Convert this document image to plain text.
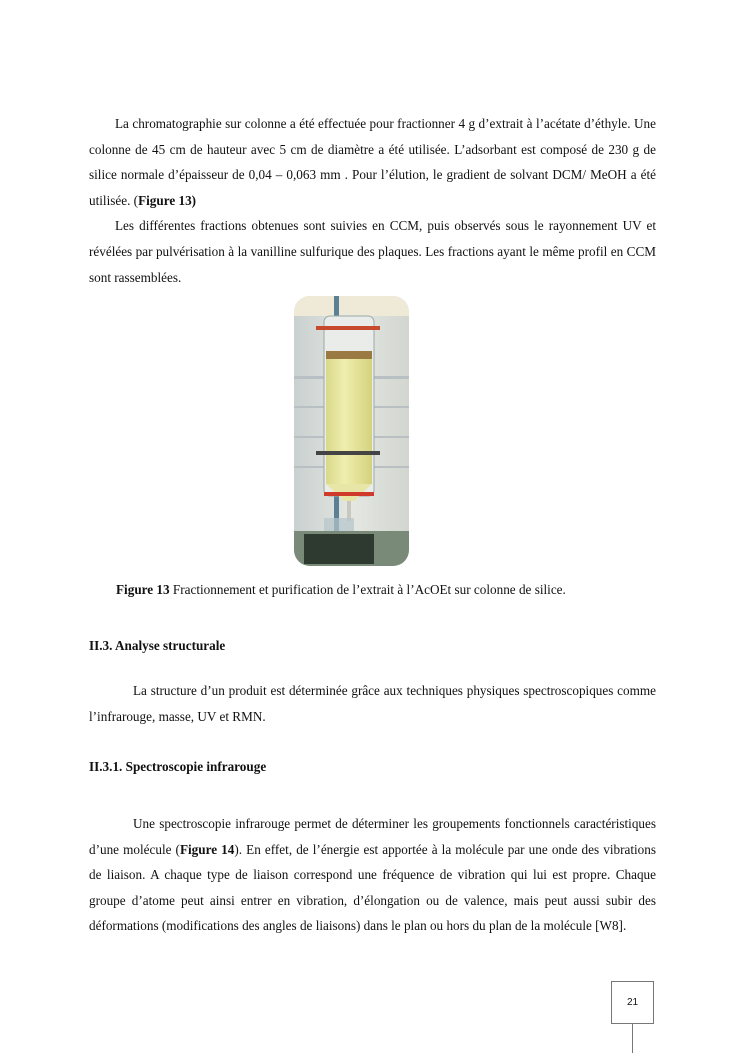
La chromatographie sur colonne a été effectuée pour fractionner 4 g d’extrait à l’acétate d’éthyle. Une colonne de 45 cm de hauteur avec 5 cm de diamètre a été utilisée. L’adsorbant est composé de 230 g de silice normale d’épaisseur de 0,04 – 0,063 mm . Pour l’élution, le gradient de solvant DCM/ MeOH a été utilisée. (Figure 13)

Les différentes fractions obtenues sont suivies en CCM, puis observés sous le rayonnement UV et révélées par pulvérisation à la vanilline sulfurique des plaques. Les fractions ayant le même profil en CCM sont rassemblées.

Figure 13 Fractionnement et purification de l’extrait à l’AcOEt sur colonne de silice.
II.3. Analyse structurale

La structure d’un produit est déterminée grâce aux techniques physiques spectroscopiques comme l’infrarouge, masse, UV et RMN.

II.3.1. Spectroscopie infrarouge

Une spectroscopie infrarouge permet de déterminer les groupements fonctionnels caractéristiques d’une molécule (Figure 14). En effet, de l’énergie est apportée à la molécule par une onde des vibrations de liaison. A chaque type de liaison correspond une fréquence de vibration qui lui est propre. Chaque groupe d’atome peut ainsi entrer en vibration, d’élongation ou de valence, mais peut aussi subir des déformations (modifications des angles de liaisons) dans le plan ou hors du plan de la molécule [W8].

21
